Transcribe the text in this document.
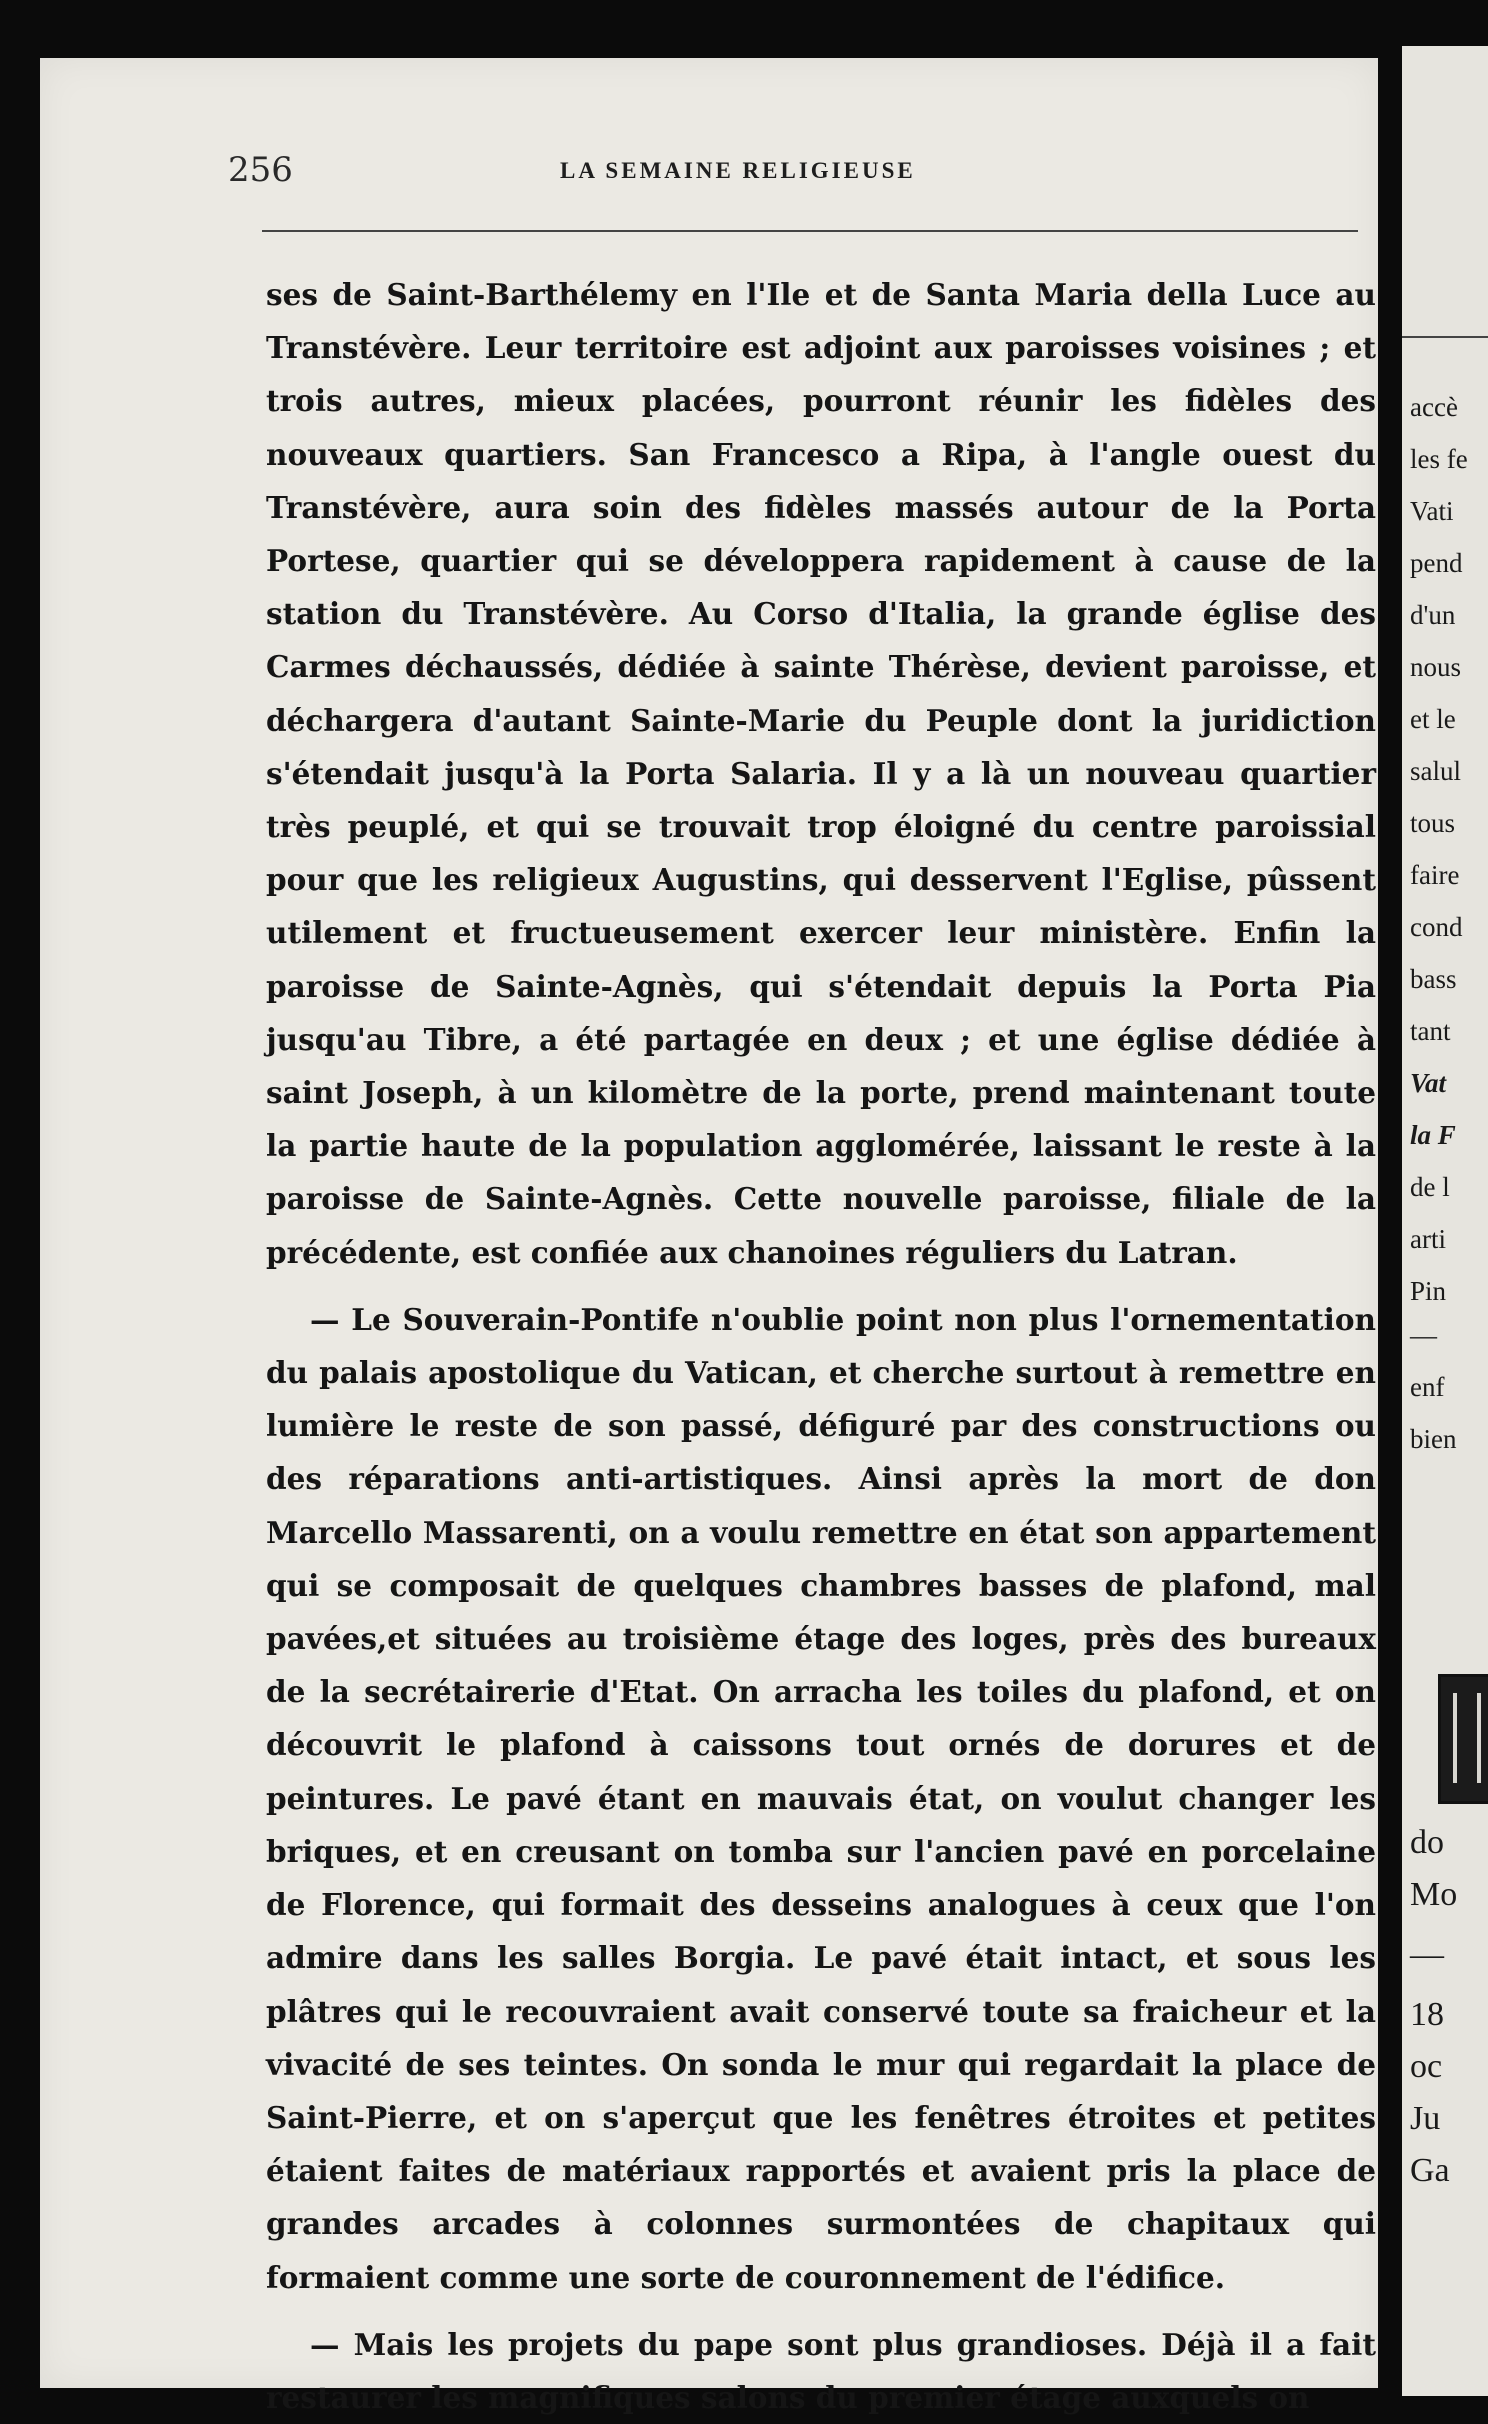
256	LA SEMAINE RELIGIEUSE

ses de Saint-Barthélemy en l'Ile et de Santa Maria della Luce au Transtévère. Leur territoire est adjoint aux paroisses voisines ; et trois autres, mieux placées, pourront réunir les fidèles des nouveaux quartiers. San Francesco a Ripa, à l'angle ouest du Transtévère, aura soin des fidèles massés autour de la Porta Portese, quartier qui se développera rapidement à cause de la station du Transtévère. Au Corso d'Italia, la grande église des Carmes déchaussés, dédiée à sainte Thérèse, devient paroisse, et déchargera d'autant Sainte-Marie du Peuple dont la juridiction s'étendait jusqu'à la Porta Salaria. Il y a là un nouveau quartier très peuplé, et qui se trouvait trop éloigné du centre paroissial pour que les religieux Augustins, qui desservent l'Eglise, pûssent utilement et fructueusement exercer leur ministère. Enfin la paroisse de Sainte-Agnès, qui s'étendait depuis la Porta Pia jusqu'au Tibre, a été partagée en deux ; et une église dédiée à saint Joseph, à un kilomètre de la porte, prend maintenant toute la partie haute de la population agglomérée, laissant le reste à la paroisse de Sainte-Agnès. Cette nouvelle paroisse, filiale de la précédente, est confiée aux chanoines réguliers du Latran.

— Le Souverain-Pontife n'oublie point non plus l'ornementation du palais apostolique du Vatican, et cherche surtout à remettre en lumière le reste de son passé, défiguré par des constructions ou des réparations anti-artistiques. Ainsi après la mort de don Marcello Massarenti, on a voulu remettre en état son appartement qui se composait de quelques chambres basses de plafond, mal pavées,et situées au troisième étage des loges, près des bureaux de la secrétairerie d'Etat. On arracha les toiles du plafond, et on découvrit le plafond à caissons tout ornés de dorures et de peintures. Le pavé étant en mauvais état, on voulut changer les briques, et en creusant on tomba sur l'ancien pavé en porcelaine de Florence, qui formait des desseins analogues à ceux que l'on admire dans les salles Borgia. Le pavé était intact, et sous les plâtres qui le recouvraient avait conservé toute sa fraicheur et la vivacité de ses teintes. On sonda le mur qui regardait la place de Saint-Pierre, et on s'aperçut que les fenêtres étroites et petites étaient faites de matériaux rapportés et avaient pris la place de grandes arcades à colonnes surmontées de chapitaux qui formaient comme une sorte de couronnement de l'édifice.

— Mais les projets du pape sont plus grandioses. Déjà il a fait restaurer les magnifiques salons du premier étage auxquels on

accè
les fe
Vati
pend
d'un
nous
et le
salul
tous
faire
cond
bass
tant
Vat
la F
de l
arti
Pin
—
enf
bien
do
Mo
—
18
oc
Ju
Ga
